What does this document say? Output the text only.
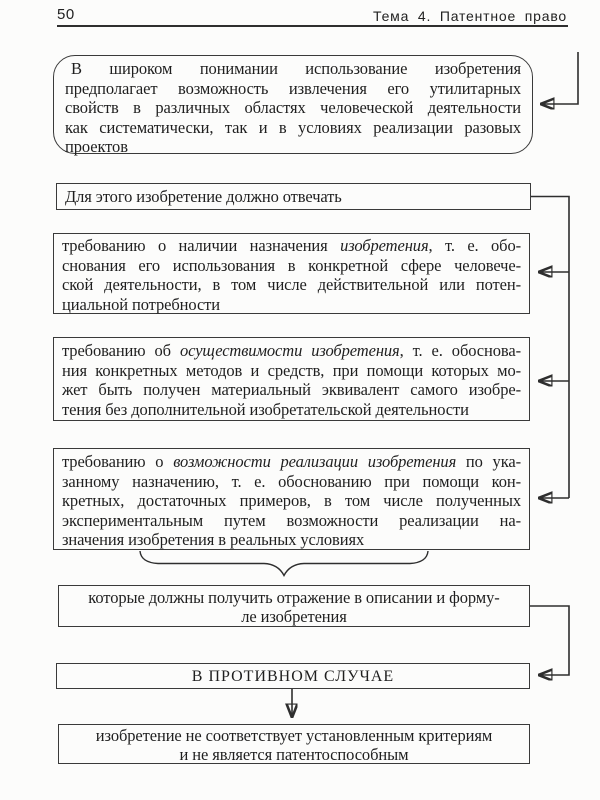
50	Тема 4. Патентное право
В широком понимании использование изобретения
предполагает возможность извлечения его утилитарных
свойств в различных областях человеческой деятельности
как систематически, так и в условиях реализации разовых
проектов
Для этого изобретение должно отвечать
требованию о наличии назначения изобретения, т. е. обо-
снования его использования в конкретной сфере человече-
ской деятельности, в том числе действительной или потен-
циальной потребности
требованию об осуществимости изобретения, т. е. обоснова-
ния конкретных методов и средств, при помощи которых мо-
жет быть получен материальный эквивалент самого изобре-
тения без дополнительной изобретательской деятельности
требованию о возможности реализации изобретения по ука-
занному назначению, т. е. обоснованию при помощи кон-
кретных, достаточных примеров, в том числе полученных
экспериментальным путем возможности реализации на-
значения изобретения в реальных условиях
которые должны получить отражение в описании и форму-
ле изобретения
В ПРОТИВНОМ СЛУЧАЕ
изобретение не соответствует установленным критериям
и не является патентоспособным
